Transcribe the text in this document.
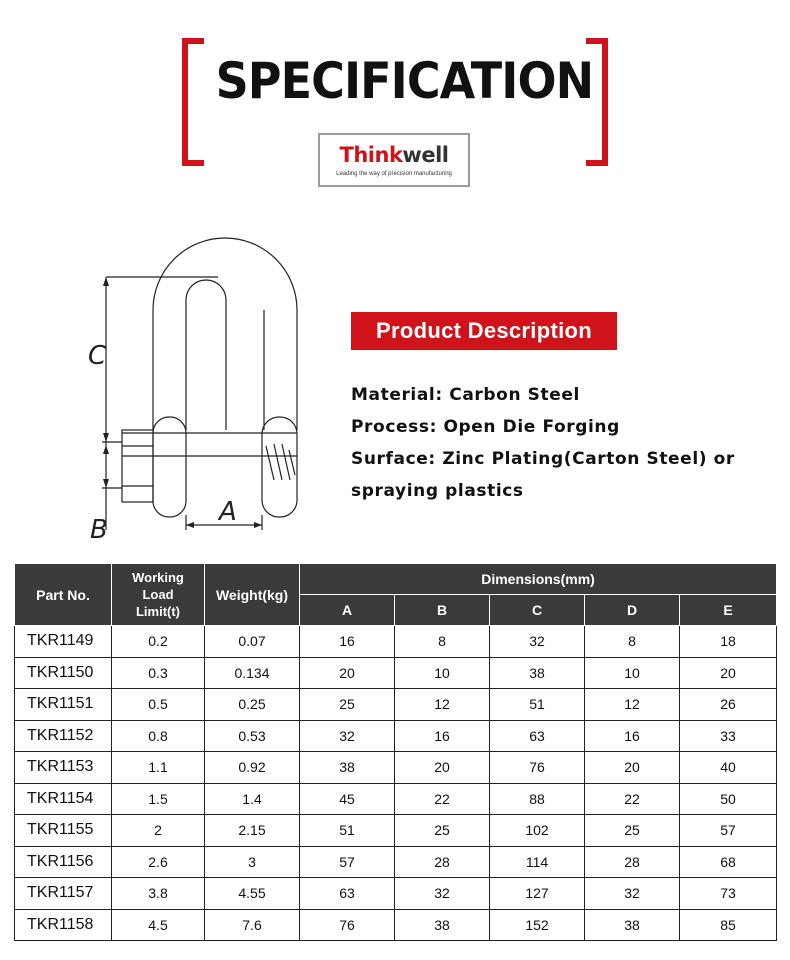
SPECIFICATION
Thinkwell
Leading the way of precision manufacturing
C
B
A
Product Description
Material: Carbon Steel
Process: Open Die Forging
Surface: Zinc Plating(Carton Steel) or
spraying plastics
Part No.	Working
Load
Limit(t)	Weight(kg)	Dimensions(mm)				
			A	B	C	D	E
TKR1149	0.2	0.07	16	8	32	8	18
TKR1150	0.3	0.134	20	10	38	10	20
TKR1151	0.5	0.25	25	12	51	12	26
TKR1152	0.8	0.53	32	16	63	16	33
TKR1153	1.1	0.92	38	20	76	20	40
TKR1154	1.5	1.4	45	22	88	22	50
TKR1155	2	2.15	51	25	102	25	57
TKR1156	2.6	3	57	28	114	28	68
TKR1157	3.8	4.55	63	32	127	32	73
TKR1158	4.5	7.6	76	38	152	38	85
